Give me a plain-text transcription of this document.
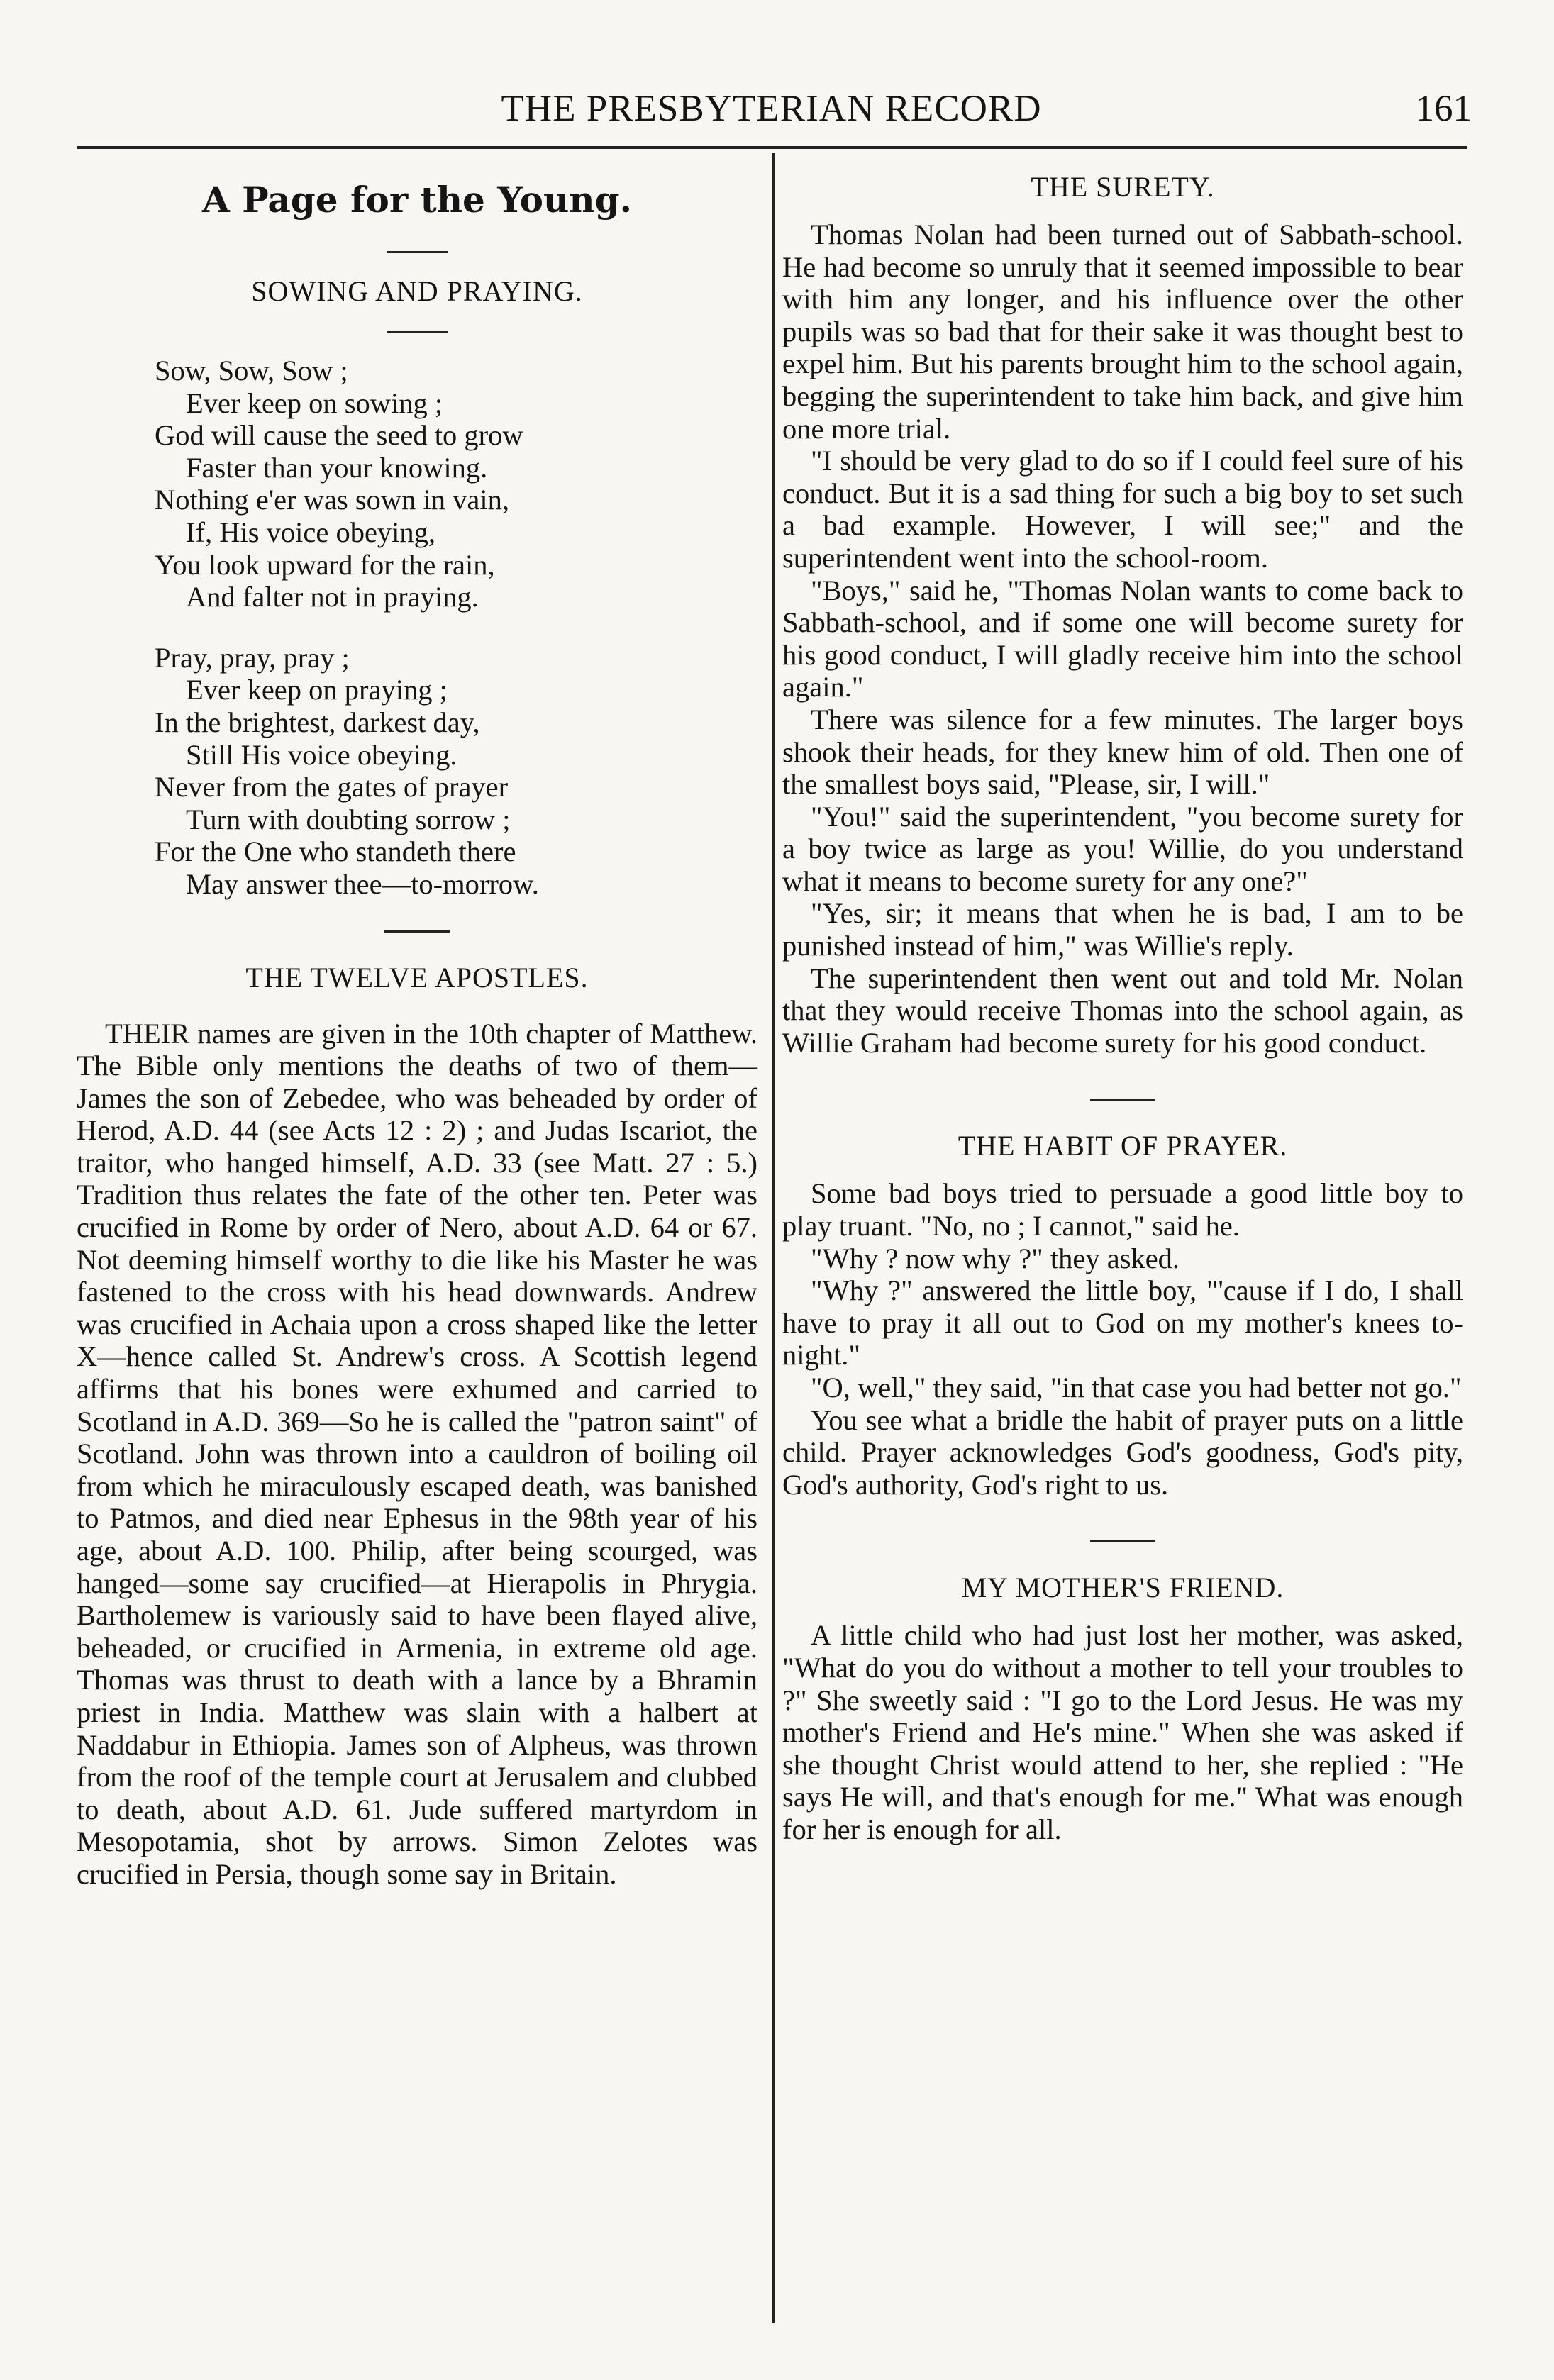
THE PRESBYTERIAN RECORD	161
A Page for the Young.
SOWING AND PRAYING.
Sow, Sow, Sow ;
Ever keep on sowing ;
God will cause the seed to grow
Faster than your knowing.
Nothing e'er was sown in vain,
If, His voice obeying,
You look upward for the rain,
And falter not in praying.
Pray, pray, pray ;
Ever keep on praying ;
In the brightest, darkest day,
Still His voice obeying.
Never from the gates of prayer
Turn with doubting sorrow ;
For the One who standeth there
May answer thee—to-morrow.
THE TWELVE APOSTLES.

THEIR names are given in the 10th chapter of Matthew. The Bible only mentions the deaths of two of them—James the son of Zebedee, who was beheaded by order of Herod, A.D. 44 (see Acts 12 : 2) ; and Judas Iscariot, the traitor, who hanged himself, A.D. 33 (see Matt. 27 : 5.) Tradition thus relates the fate of the other ten. Peter was crucified in Rome by order of Nero, about A.D. 64 or 67. Not deeming himself worthy to die like his Master he was fastened to the cross with his head downwards. Andrew was crucified in Achaia upon a cross shaped like the letter X—hence called St. Andrew's cross. A Scottish legend affirms that his bones were exhumed and carried to Scotland in A.D. 369—So he is called the "patron saint" of Scotland. John was thrown into a cauldron of boiling oil from which he miraculously escaped death, was banished to Patmos, and died near Ephesus in the 98th year of his age, about A.D. 100. Philip, after being scourged, was hanged—some say crucified—at Hierapolis in Phrygia. Bartholemew is variously said to have been flayed alive, beheaded, or crucified in Armenia, in extreme old age. Thomas was thrust to death with a lance by a Bhramin priest in India. Matthew was slain with a halbert at Naddabur in Ethiopia. James son of Alpheus, was thrown from the roof of the temple court at Jerusalem and clubbed to death, about A.D. 61. Jude suffered martyrdom in Mesopotamia, shot by arrows. Simon Zelotes was crucified in Persia, though some say in Britain.

THE SURETY.

Thomas Nolan had been turned out of Sabbath-school. He had become so unruly that it seemed impossible to bear with him any longer, and his influence over the other pupils was so bad that for their sake it was thought best to expel him. But his parents brought him to the school again, begging the superintendent to take him back, and give him one more trial.

"I should be very glad to do so if I could feel sure of his conduct. But it is a sad thing for such a big boy to set such a bad example. However, I will see;" and the superintendent went into the school-room.

"Boys," said he, "Thomas Nolan wants to come back to Sabbath-school, and if some one will become surety for his good conduct, I will gladly receive him into the school again."

There was silence for a few minutes. The larger boys shook their heads, for they knew him of old. Then one of the smallest boys said, "Please, sir, I will."

"You!" said the superintendent, "you become surety for a boy twice as large as you! Willie, do you understand what it means to become surety for any one?"

"Yes, sir; it means that when he is bad, I am to be punished instead of him," was Willie's reply.

The superintendent then went out and told Mr. Nolan that they would receive Thomas into the school again, as Willie Graham had become surety for his good conduct.

THE HABIT OF PRAYER.

Some bad boys tried to persuade a good little boy to play truant. "No, no ; I cannot," said he.

"Why ? now why ?" they asked.

"Why ?" answered the little boy, "'cause if I do, I shall have to pray it all out to God on my mother's knees to-night."

"O, well," they said, "in that case you had better not go."

You see what a bridle the habit of prayer puts on a little child. Prayer acknowledges God's goodness, God's pity, God's authority, God's right to us.

MY MOTHER'S FRIEND.

A little child who had just lost her mother, was asked, "What do you do without a mother to tell your troubles to ?" She sweetly said : "I go to the Lord Jesus. He was my mother's Friend and He's mine." When she was asked if she thought Christ would attend to her, she replied : "He says He will, and that's enough for me." What was enough for her is enough for all.
